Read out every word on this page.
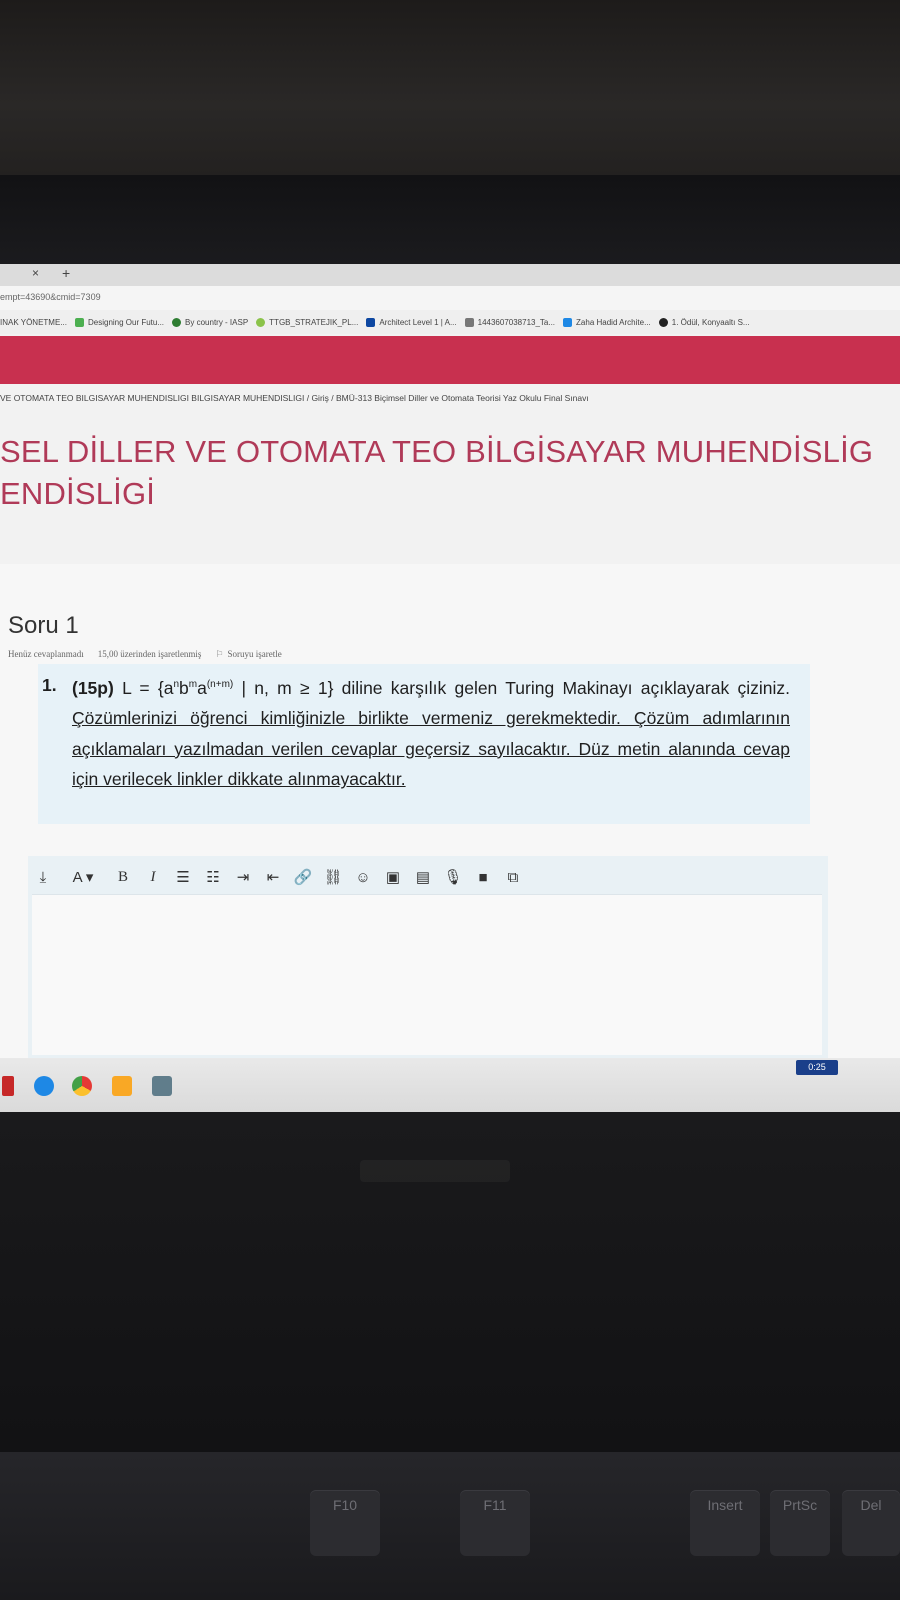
× +
empt=43690&cmid=7309
INAK YÖNETME...	Designing Our Futu...	By country - IASP	TTGB_STRATEJIK_PL...	Architect Level 1 | A...	1443607038713_Ta...	Zaha Hadid Archite...	1. Ödül, Konyaaltı S...
VE OTOMATA TEO BILGISAYAR MUHENDISLIGI BILGISAYAR MUHENDISLIGI / Giriş / BMÜ-313 Biçimsel Diller ve Otomata Teorisi Yaz Okulu Final Sınavı
SEL DİLLER VE OTOMATA TEO BİLGİSAYAR MUHENDİSLİG
ENDİSLİGİ
Soru 1
Henüz cevaplanmadı 15,00 üzerinden işaretlenmiş ⚐ Soruyu işaretle
1. (15p) $L = \{a^nb^ma^{(n+m)}$ | n, m ≥ 1} diline karşılık gelen Turing Makinayı açıklayarak çiziniz. Çözümlerinizi öğrenci kimliğinizle birlikte vermeniz gerekmektedir. Çözüm adımlarının açıklamaları yazılmadan verilen cevaplar geçersiz sayılacaktır. Düz metin alanında cevap için verilecek linkler dikkate alınmayacaktır.
⤓	A ▾	B	I	☰	☷	⇥	⇤ 🔗 ⛓ ☺	▣	▤ 🎙	■	⧉
0:25
F10	F11	Insert	PrtSc	Del
